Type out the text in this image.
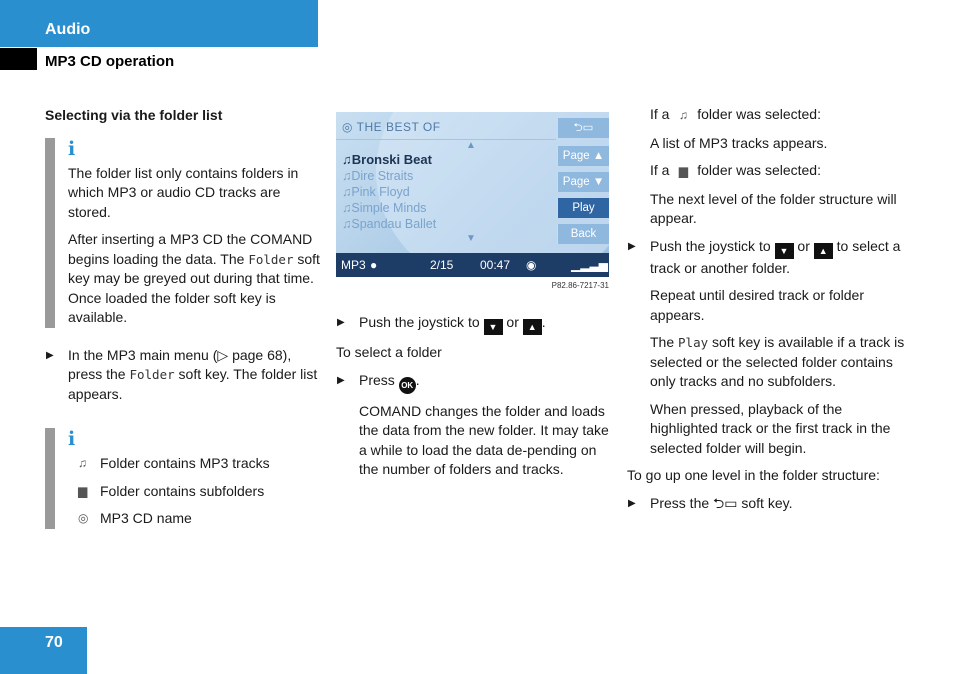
Audio
MP3 CD operation
Selecting via the folder list
i

The folder list only contains folders in which MP3 or audio CD tracks are stored.

After inserting a MP3 CD the COMAND begins loading the data. The Folder soft key may be greyed out during that time. Once loaded the folder soft key is available.

▶ In the MP3 main menu (▷ page 68), press the Folder soft key. The folder list appears.
i
♫ Folder contains MP3 tracks
▆ Folder contains subfolders
◎ MP3 CD name
◎ THE BEST OF
▲
♫Bronski Beat
♫Dire Straits
♫Pink Floyd
♫Simple Minds
♫Spandau Ballet
▼
⮌▭
Page ▲
Page ▼
Play
Back
MP3 ●	2/15 00:47 ◉	▁▂▃▅
P82.86-7217-31
▶ Push the joystick to ▼ or ▲ .
To select a folder
▶ Press OK .
COMAND changes the folder and loads the data from the new folder. It may take a while to load the data de-pending on the number of folders and tracks.
If a ♫ folder was selected:
A list of MP3 tracks appears.
If a ▆ folder was selected:
The next level of the folder structure will appear.
▶ Push the joystick to ▼ or ▲ to select a track or another folder.
Repeat until desired track or folder appears.
The Play soft key is available if a track is selected or the selected folder contains only tracks and no subfolders.
When pressed, playback of the highlighted track or the first track in the selected folder will begin.
To go up one level in the folder structure:
▶ Press the ⮌▭ soft key.
70
